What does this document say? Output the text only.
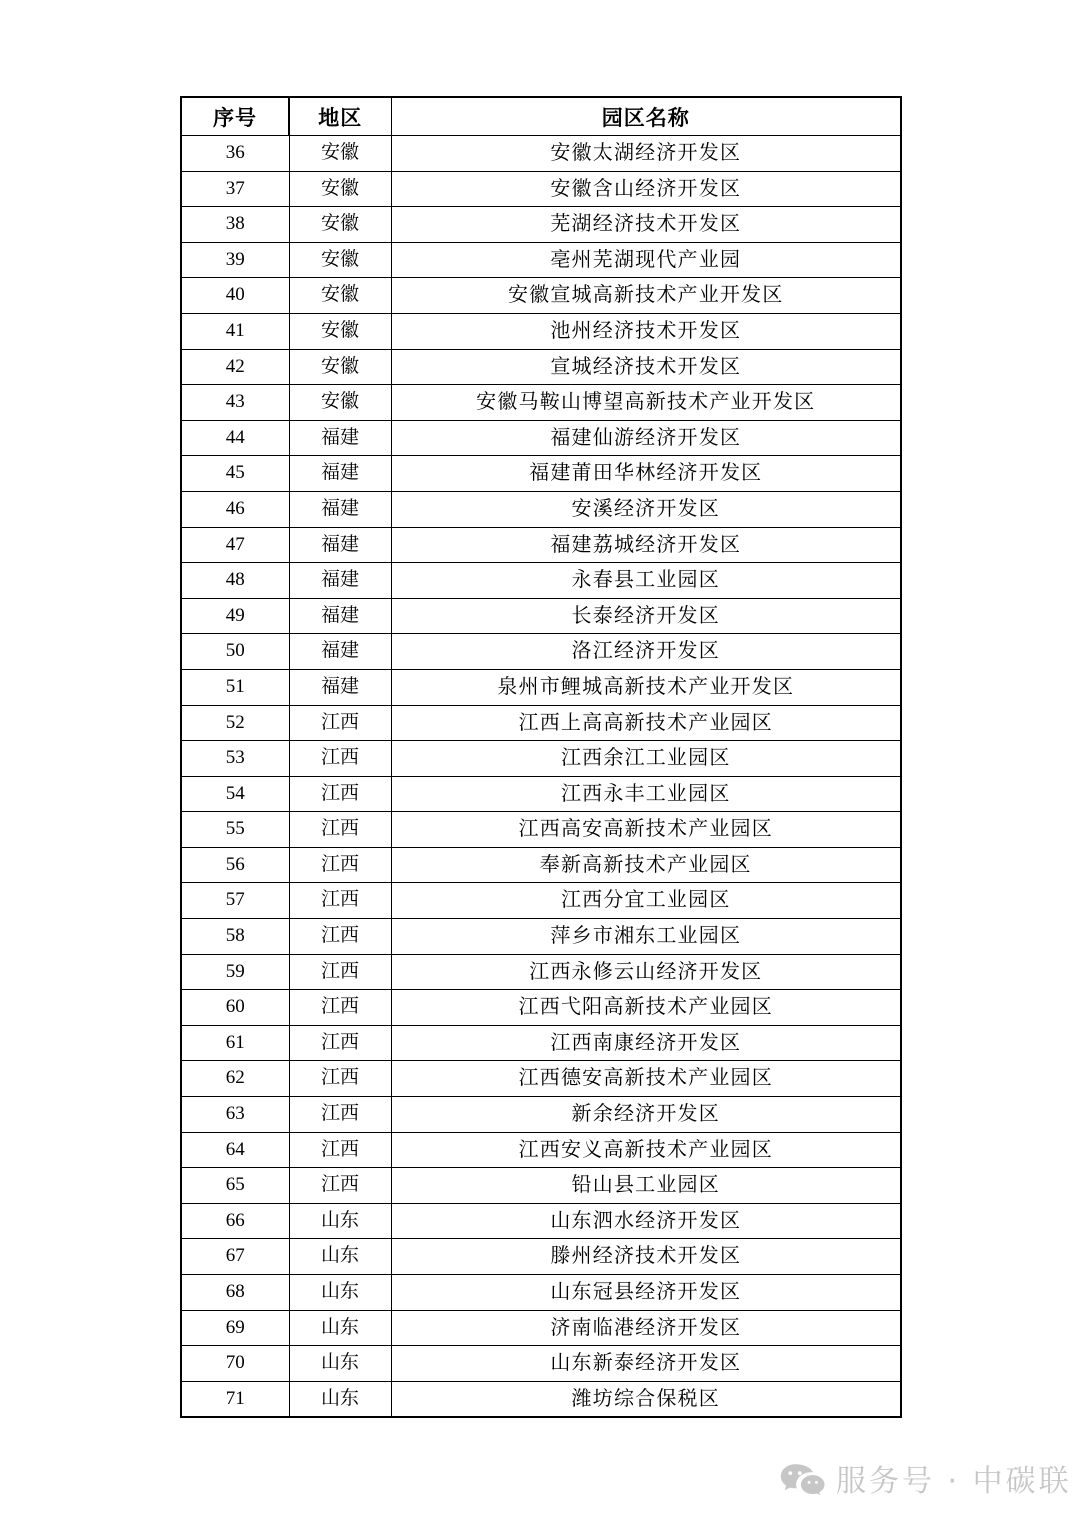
序号	地区	园区名称
36	安徽	安徽太湖经济开发区
37	安徽	安徽含山经济开发区
38	安徽	芜湖经济技术开发区
39	安徽	亳州芜湖现代产业园
40	安徽	安徽宣城高新技术产业开发区
41	安徽	池州经济技术开发区
42	安徽	宣城经济技术开发区
43	安徽	安徽马鞍山博望高新技术产业开发区
44	福建	福建仙游经济开发区
45	福建	福建莆田华林经济开发区
46	福建	安溪经济开发区
47	福建	福建荔城经济开发区
48	福建	永春县工业园区
49	福建	长泰经济开发区
50	福建	洛江经济开发区
51	福建	泉州市鲤城高新技术产业开发区
52	江西	江西上高高新技术产业园区
53	江西	江西余江工业园区
54	江西	江西永丰工业园区
55	江西	江西高安高新技术产业园区
56	江西	奉新高新技术产业园区
57	江西	江西分宜工业园区
58	江西	萍乡市湘东工业园区
59	江西	江西永修云山经济开发区
60	江西	江西弋阳高新技术产业园区
61	江西	江西南康经济开发区
62	江西	江西德安高新技术产业园区
63	江西	新余经济开发区
64	江西	江西安义高新技术产业园区
65	江西	铅山县工业园区
66	山东	山东泗水经济开发区
67	山东	滕州经济技术开发区
68	山东	山东冠县经济开发区
69	山东	济南临港经济开发区
70	山东	山东新泰经济开发区
71	山东	潍坊综合保税区
服务号 · 中碳联
